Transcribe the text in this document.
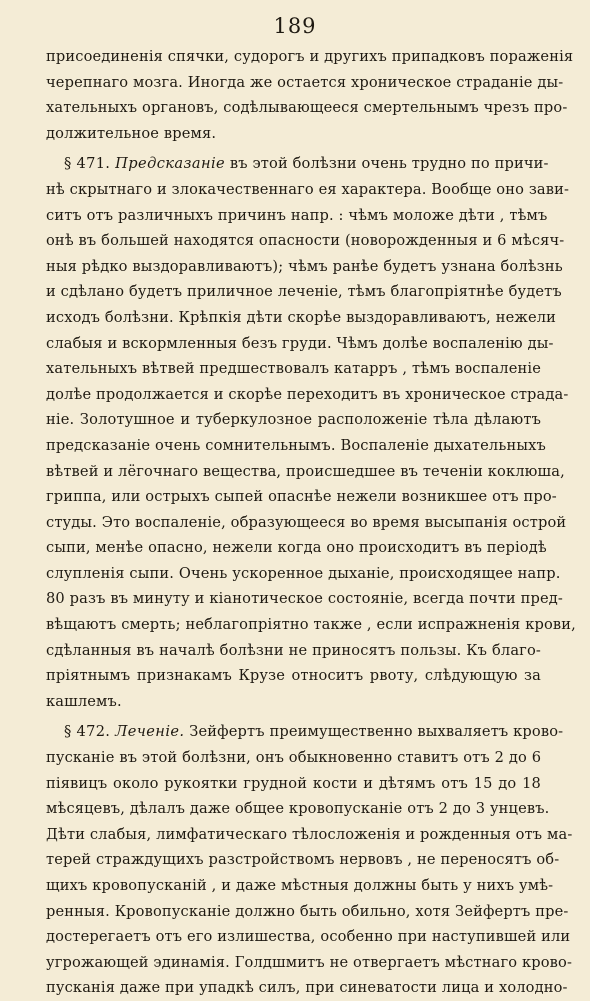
189
присоединенія спячки, судорогъ и другихъ припадковъ пораженія
черепнаго мозга. Иногда же остается хроническое страданіе ды-
хательныхъ органовъ, содѣлывающееся смертельнымъ чрезъ про-
должительное время.
§ 471. Предсказаніе въ этой болѣзни очень трудно по причи-
нѣ скрытнаго и злокачественнаго ея характера. Вообще оно зави-
ситъ отъ различныхъ причинъ напр. : чѣмъ моложе дѣти , тѣмъ
онѣ въ большей находятся опасности (новорожденныя и 6 мѣсяч-
ныя рѣдко выздоравливаютъ); чѣмъ ранѣе будетъ узнана болѣзнь
и сдѣлано будетъ приличное леченіе, тѣмъ благопріятнѣе будетъ
исходъ болѣзни. Крѣпкія дѣти скорѣе выздоравливаютъ, нежели
слабыя и вскормленныя безъ груди. Чѣмъ долѣе воспаленію ды-
хательныхъ вѣтвей предшествовалъ катарръ , тѣмъ воспаленіе
долѣе продолжается и скорѣе переходитъ въ хроническое страда-
ніе. Золотушное и туберкулозное расположеніе тѣла дѣлаютъ
предсказаніе очень сомнительнымъ. Воспаленіе дыхательныхъ
вѣтвей и лёгочнаго вещества, происшедшее въ теченіи коклюша,
гриппа, или острыхъ сыпей опаснѣе нежели возникшее отъ про-
студы. Это воспаленіе, образующееся во время высыпанія острой
сыпи, менѣе опасно, нежели когда оно происходитъ въ періодѣ
слупленія сыпи. Очень ускоренное дыханіе, происходящее напр.
80 разъ въ минуту и кіанотическое состояніе, всегда почти пред-
вѣщаютъ смерть; неблагопріятно также , если испражненія крови,
сдѣланныя въ началѣ болѣзни не приносятъ пользы. Къ благо-
пріятнымъ признакамъ Крузе относитъ рвоту, слѣдующую за
кашлемъ.
§ 472. Леченіе. Зейфертъ преимущественно выхваляетъ крово-
пусканіе въ этой болѣзни, онъ обыкновенно ставитъ отъ 2 до 6
піявицъ около рукоятки грудной кости и дѣтямъ отъ 15 до 18
мѣсяцевъ, дѣлалъ даже общее кровопусканіе отъ 2 до 3 унцевъ.
Дѣти слабыя, лимфатическаго тѣлосложенія и рожденныя отъ ма-
терей страждущихъ разстройствомъ нервовъ , не переносятъ об-
щихъ кровопусканій , и даже мѣстныя должны быть у нихъ умѣ-
ренныя. Кровопусканіе должно быть обильно, хотя Зейфертъ пре-
достерегаетъ отъ его излишества, особенно при наступившей или
угрожающей эдинамія. Голдшмитъ не отвергаетъ мѣстнаго крово-
пусканія даже при упадкѣ силъ, при синеватости лица и холодно-
